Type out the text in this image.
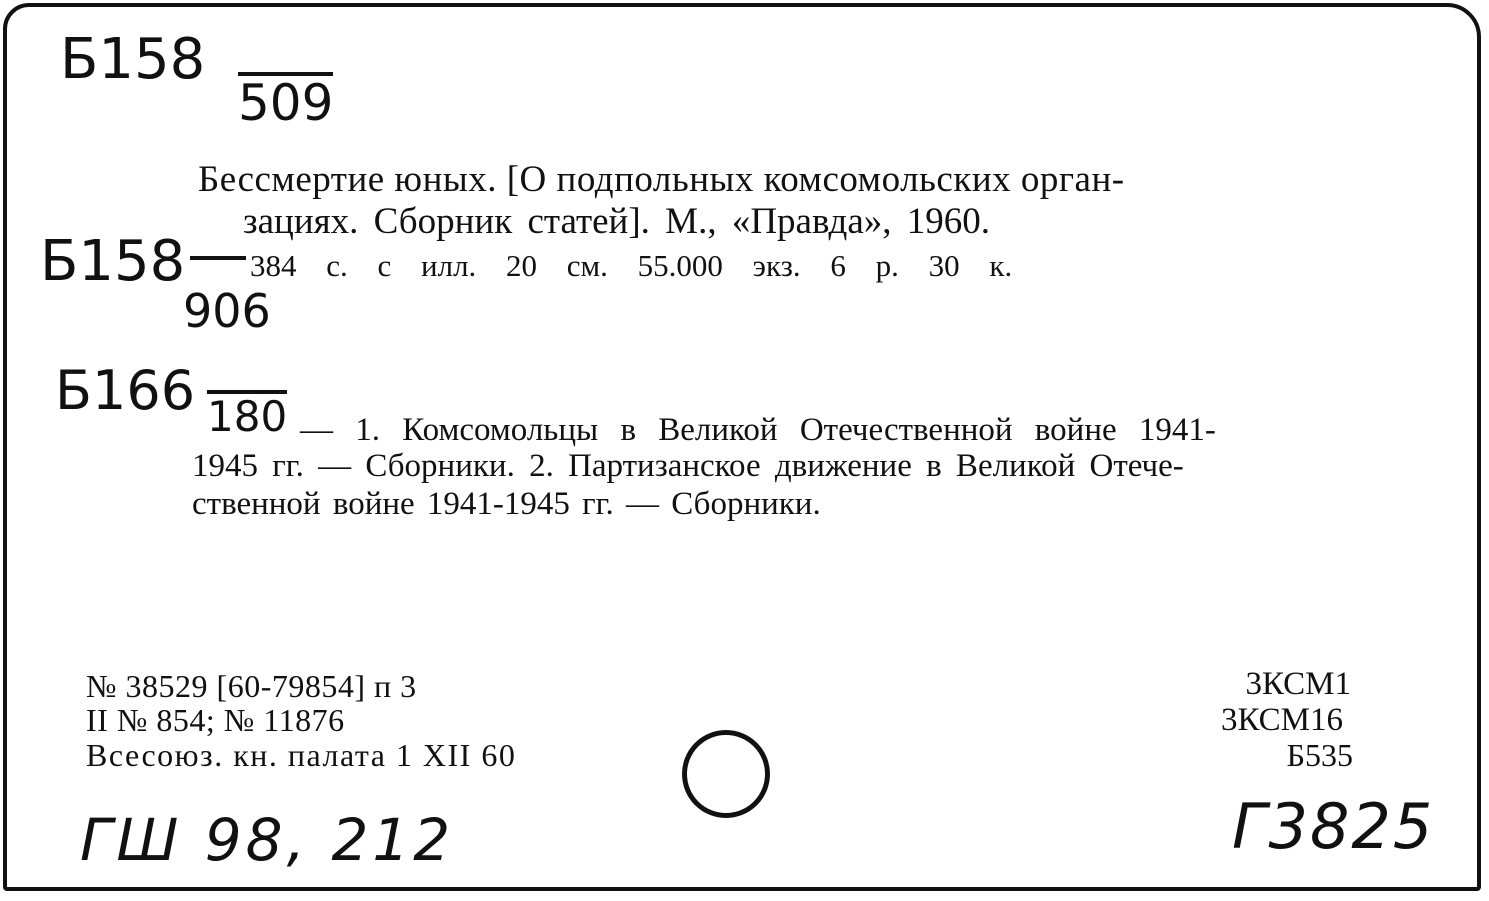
Б158
509
Б158
906
Б166 180
Бессмертие юных. [О подпольных комсомольских орган-
зациях. Сборник статей]. М., «Правда», 1960.
384 с. с илл. 20 см. 55.000 экз. 6 р. 30 к.
— 1. Комсомольцы в Великой Отечественной войне 1941-
1945 гг. — Сборники. 2. Партизанское движение в Великой Отече-
ственной войне 1941-1945 гг. — Сборники.
№ 38529 [60-79854] п 3
II № 854; № 11876
Всесоюз. кн. палата 1 XII 60
3КСМ1
3КСМ16
Б535
ГШ 98, 212	Г3825
